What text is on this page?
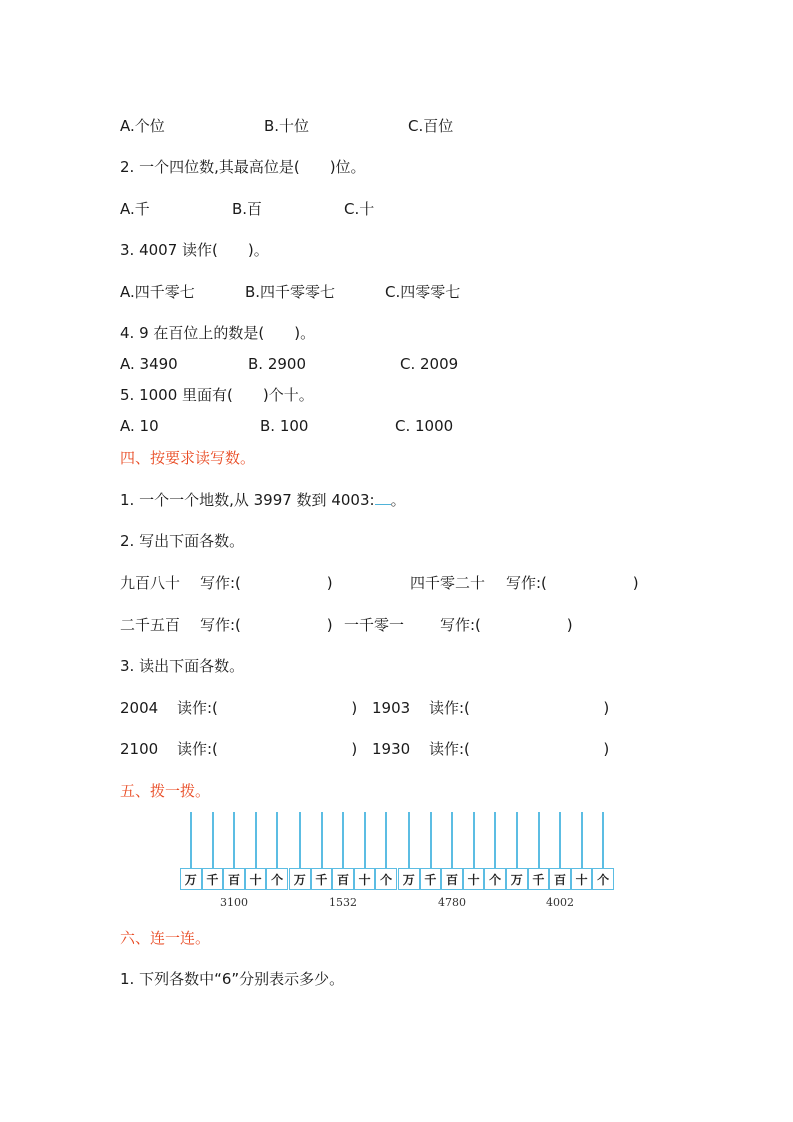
A.个位	B.十位	C.百位
2. 一个四位数,其最高位是(　　)位。
A.千	B.百	C.十
3. 4007 读作(　　)。
A.四千零七	B.四千零零七	C.四零零七
4. 9 在百位上的数是(　　)。
A. 3490	B. 2900	C. 2009
5. 1000 里面有(　　)个十。
A. 10	B. 100	C. 1000
四、按要求读写数。
1. 一个一个地数,从 3997 数到 4003: 。
2. 写出下面各数。
九百八十 写作:(                  )	四千零二十 写作:(                  )
二千五百 写作:(                  ) 一千零一 写作:(                  )
3. 读出下面各数。
2004 读作:(                            ) 1903 读作:(                            )
2100 读作:(                            ) 1930 读作:(                            )
五、拨一拨。
万 千 百 十 个
3100
万 千 百 十 个
1532
万 千 百 十 个
4780
万 千 百 十 个
4002
六、连一连。
1. 下列各数中“6”分别表示多少。
